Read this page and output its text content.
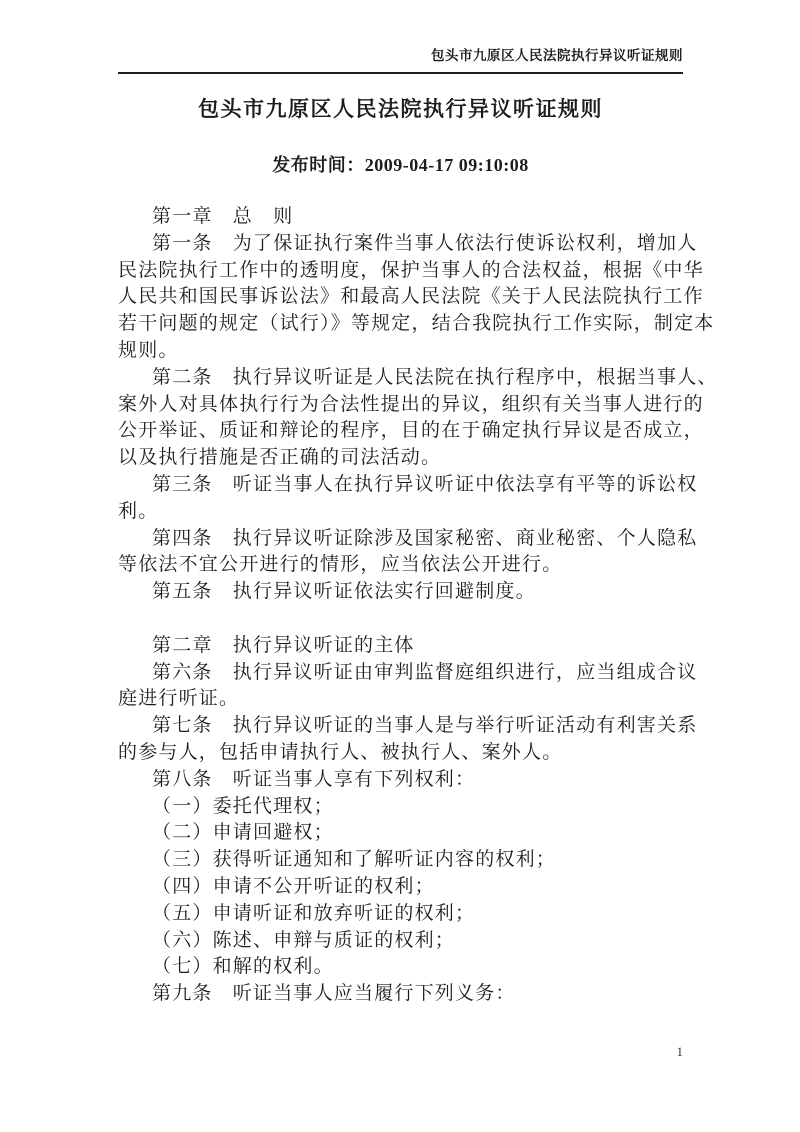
包头市九原区人民法院执行异议听证规则
包头市九原区人民法院执行异议听证规则
发布时间：2009-04-17 09:10:08
第一章　总　则
第一条　为了保证执行案件当事人依法行使诉讼权利，增加人
民法院执行工作中的透明度，保护当事人的合法权益，根据《中华
人民共和国民事诉讼法》和最高人民法院《关于人民法院执行工作
若干问题的规定（试行）》等规定，结合我院执行工作实际，制定本
规则。
第二条　执行异议听证是人民法院在执行程序中，根据当事人、
案外人对具体执行行为合法性提出的异议，组织有关当事人进行的
公开举证、质证和辩论的程序，目的在于确定执行异议是否成立，
以及执行措施是否正确的司法活动。
第三条　听证当事人在执行异议听证中依法享有平等的诉讼权
利。
第四条　执行异议听证除涉及国家秘密、商业秘密、个人隐私
等依法不宜公开进行的情形，应当依法公开进行。
第五条　执行异议听证依法实行回避制度。
第二章　执行异议听证的主体
第六条　执行异议听证由审判监督庭组织进行，应当组成合议
庭进行听证。
第七条　执行异议听证的当事人是与举行听证活动有利害关系
的参与人，包括申请执行人、被执行人、案外人。
第八条　听证当事人享有下列权利：
（一）委托代理权；
（二）申请回避权；
（三）获得听证通知和了解听证内容的权利；
（四）申请不公开听证的权利；
（五）申请听证和放弃听证的权利；
（六）陈述、申辩与质证的权利；
（七）和解的权利。
第九条　听证当事人应当履行下列义务：
1
